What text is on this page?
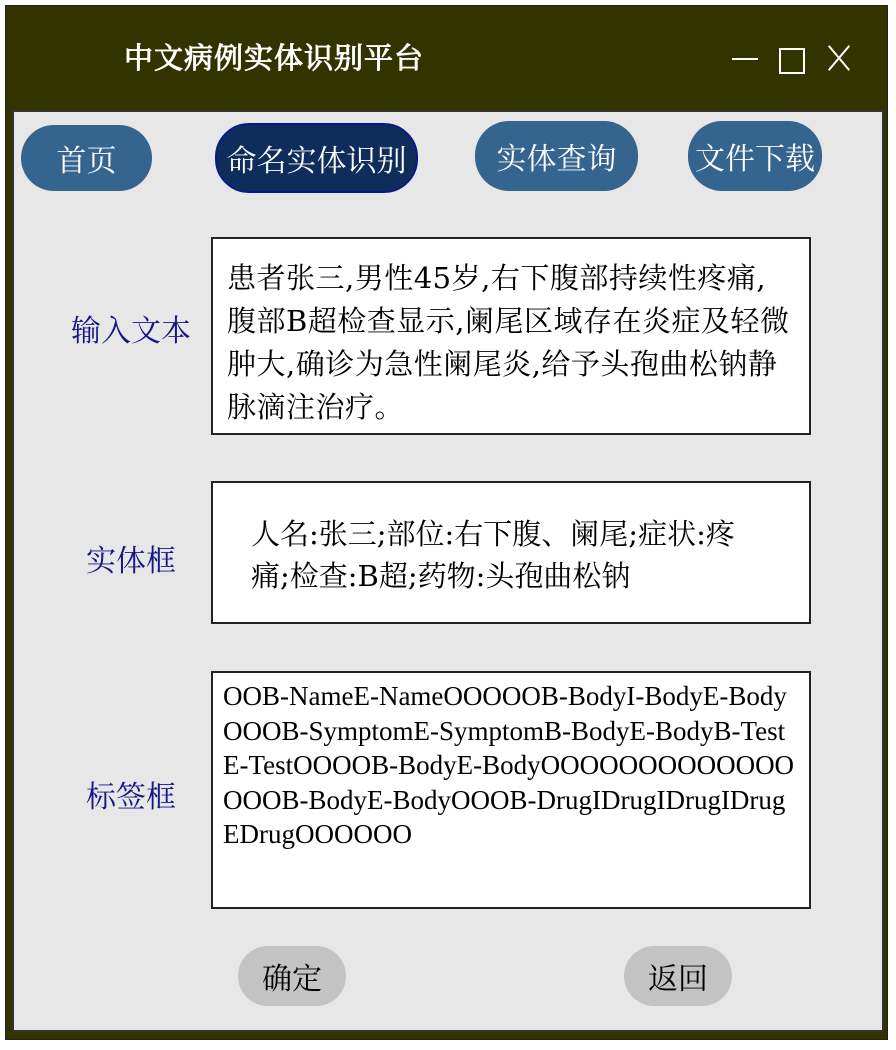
中文病例实体识别平台
首页	命名实体识别	实体查询	文件下载
输入文本
患者张三,男性45岁,右下腹部持续性疼痛,腹部B超检查显示,阑尾区域存在炎症及轻微肿大,确诊为急性阑尾炎,给予头孢曲松钠静脉滴注治疗。
实体框
人名:张三;部位:右下腹、阑尾;症状:疼痛;检查:B超;药物:头孢曲松钠
标签框
OOB-NameE-NameOOOOOB-BodyI-BodyE-BodyOOOB-SymptomE-SymptomB-BodyE-BodyB-TestE-TestOOOOB-BodyE-BodyOOOOOOOOOOOOOOOOB-BodyE-BodyOOOB-DrugIDrugIDrugIDrugEDrugOOOOOO
确定	返回
